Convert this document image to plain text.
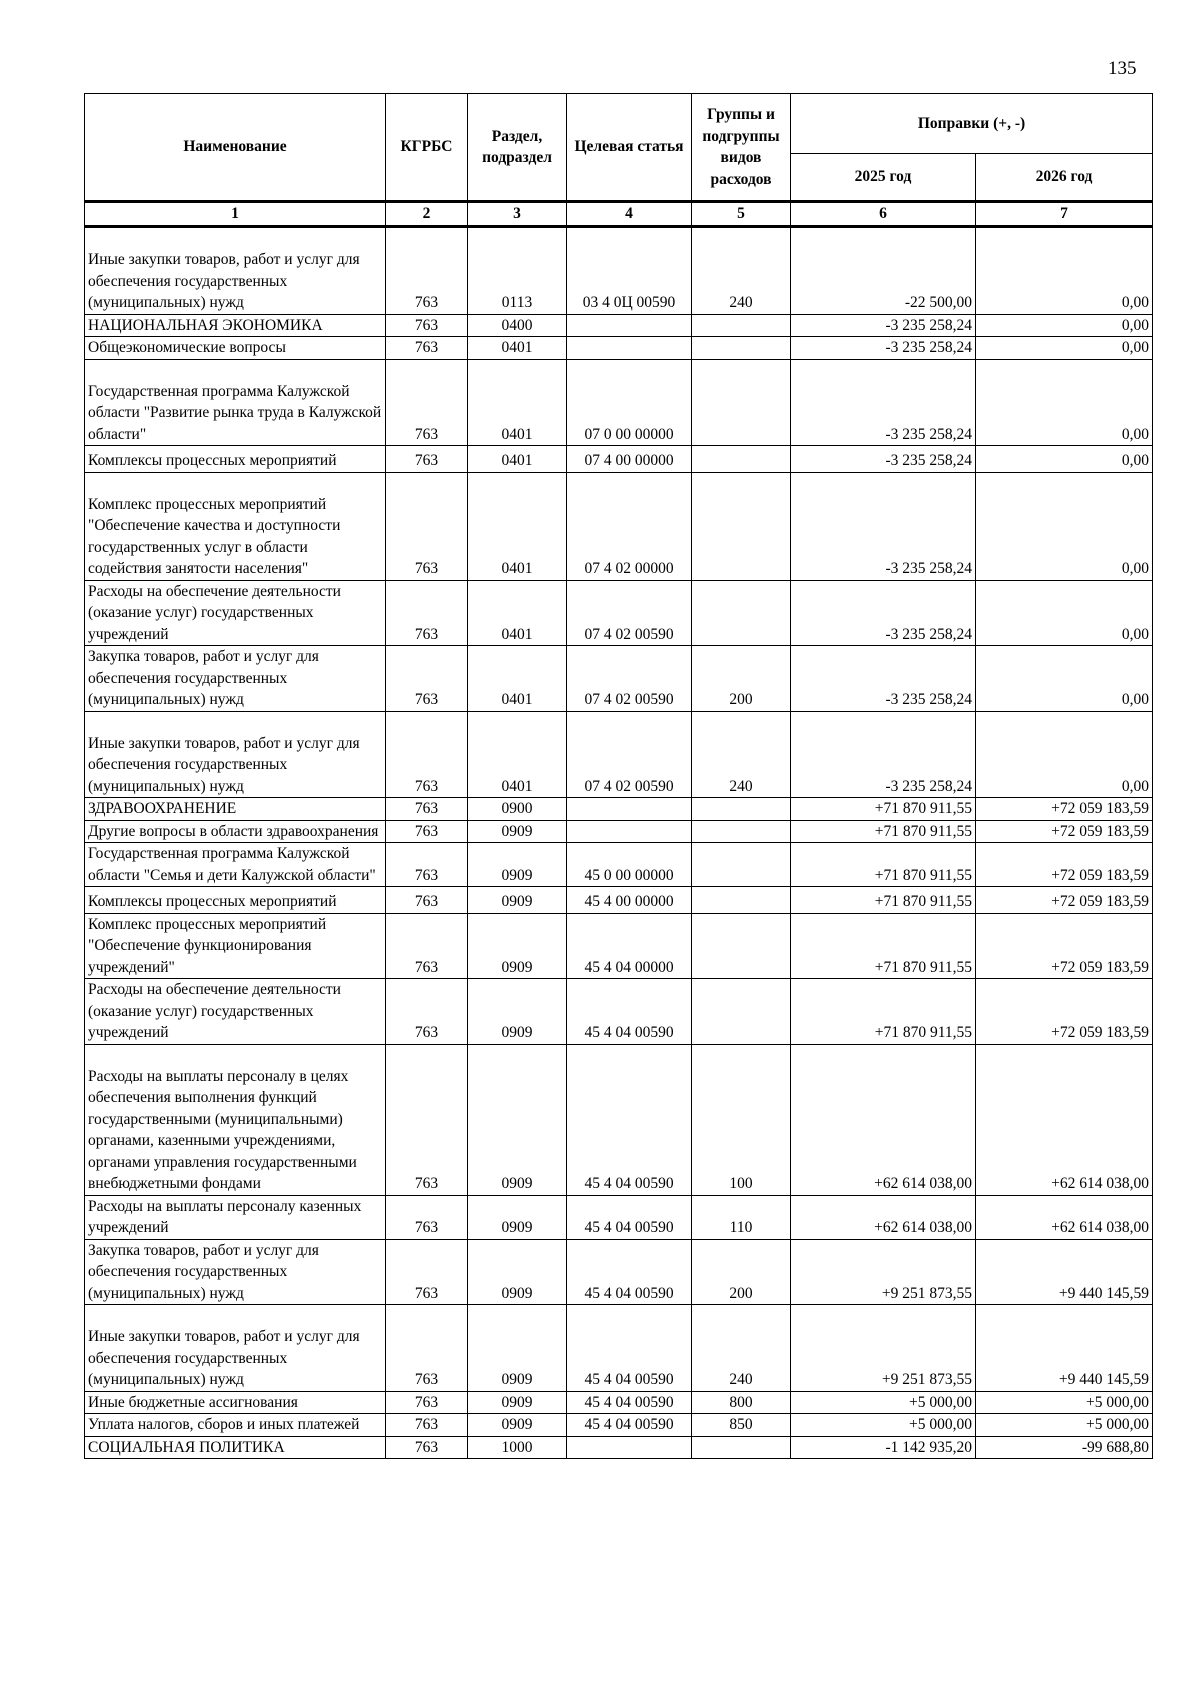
135
Наименование	КГРБС	Раздел, подраздел	Целевая статья	Группы и подгруппы видов расходов	Поправки (+, -)	
					2025 год	2026 год
1	2	3	4	5	6	7
Иные закупки товаров, работ и услуг для обеспечения государственных (муниципальных) нужд	763	0113	03 4 0Ц 00590	240	-22 500,00	0,00
НАЦИОНАЛЬНАЯ ЭКОНОМИКА	763	0400			-3 235 258,24	0,00
Общеэкономические вопросы	763	0401			-3 235 258,24	0,00
Государственная программа Калужской области "Развитие рынка труда в Калужской области"	763	0401	07 0 00 00000		-3 235 258,24	0,00
Комплексы процессных мероприятий	763	0401	07 4 00 00000		-3 235 258,24	0,00
Комплекс процессных мероприятий "Обеспечение качества и доступности государственных услуг в области содействия занятости населения"	763	0401	07 4 02 00000		-3 235 258,24	0,00
Расходы на обеспечение деятельности (оказание услуг) государственных учреждений	763	0401	07 4 02 00590		-3 235 258,24	0,00
Закупка товаров, работ и услуг для обеспечения государственных (муниципальных) нужд	763	0401	07 4 02 00590	200	-3 235 258,24	0,00
Иные закупки товаров, работ и услуг для обеспечения государственных (муниципальных) нужд	763	0401	07 4 02 00590	240	-3 235 258,24	0,00
ЗДРАВООХРАНЕНИЕ	763	0900			+71 870 911,55	+72 059 183,59
Другие вопросы в области здравоохранения	763	0909			+71 870 911,55	+72 059 183,59
Государственная программа Калужской области "Семья и дети Калужской области"	763	0909	45 0 00 00000		+71 870 911,55	+72 059 183,59
Комплексы процессных мероприятий	763	0909	45 4 00 00000		+71 870 911,55	+72 059 183,59
Комплекс процессных мероприятий "Обеспечение функционирования учреждений"	763	0909	45 4 04 00000		+71 870 911,55	+72 059 183,59
Расходы на обеспечение деятельности (оказание услуг) государственных учреждений	763	0909	45 4 04 00590		+71 870 911,55	+72 059 183,59
Расходы на выплаты персоналу в целях обеспечения выполнения функций государственными (муниципальными) органами, казенными учреждениями, органами управления государственными внебюджетными фондами	763	0909	45 4 04 00590	100	+62 614 038,00	+62 614 038,00
Расходы на выплаты персоналу казенных учреждений	763	0909	45 4 04 00590	110	+62 614 038,00	+62 614 038,00
Закупка товаров, работ и услуг для обеспечения государственных (муниципальных) нужд	763	0909	45 4 04 00590	200	+9 251 873,55	+9 440 145,59
Иные закупки товаров, работ и услуг для обеспечения государственных (муниципальных) нужд	763	0909	45 4 04 00590	240	+9 251 873,55	+9 440 145,59
Иные бюджетные ассигнования	763	0909	45 4 04 00590	800	+5 000,00	+5 000,00
Уплата налогов, сборов и иных платежей	763	0909	45 4 04 00590	850	+5 000,00	+5 000,00
СОЦИАЛЬНАЯ ПОЛИТИКА	763	1000			-1 142 935,20	-99 688,80
